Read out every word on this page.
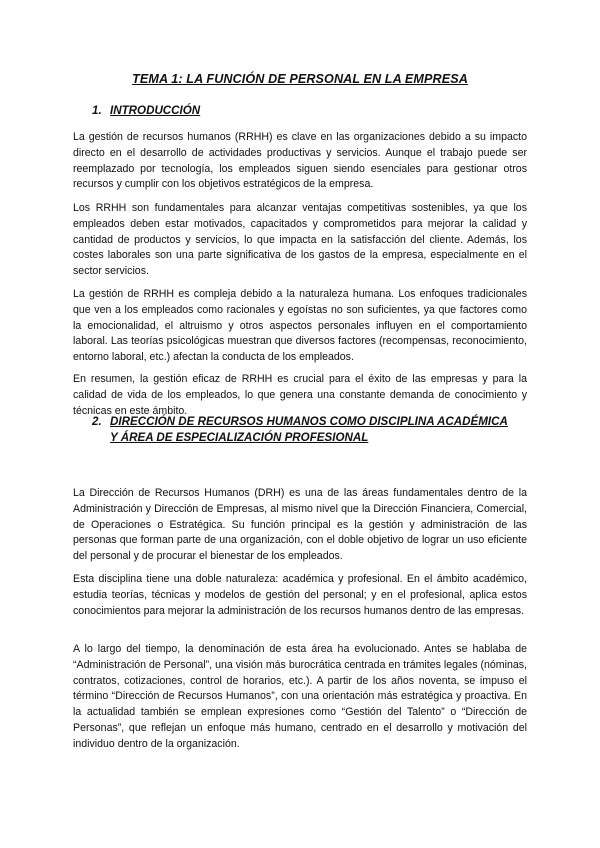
TEMA 1: LA FUNCIÓN DE PERSONAL EN LA EMPRESA
1. INTRODUCCIÓN

La gestión de recursos humanos (RRHH) es clave en las organizaciones debido a su impacto directo en el desarrollo de actividades productivas y servicios. Aunque el trabajo puede ser reemplazado por tecnología, los empleados siguen siendo esenciales para gestionar otros recursos y cumplir con los objetivos estratégicos de la empresa.

Los RRHH son fundamentales para alcanzar ventajas competitivas sostenibles, ya que los empleados deben estar motivados, capacitados y comprometidos para mejorar la calidad y cantidad de productos y servicios, lo que impacta en la satisfacción del cliente. Además, los costes laborales son una parte significativa de los gastos de la empresa, especialmente en el sector servicios.

La gestión de RRHH es compleja debido a la naturaleza humana. Los enfoques tradicionales que ven a los empleados como racionales y egoístas no son suficientes, ya que factores como la emocionalidad, el altruismo y otros aspectos personales influyen en el comportamiento laboral. Las teorías psicológicas muestran que diversos factores (recompensas, reconocimiento, entorno laboral, etc.) afectan la conducta de los empleados.

En resumen, la gestión eficaz de RRHH es crucial para el éxito de las empresas y para la calidad de vida de los empleados, lo que genera una constante demanda de conocimiento y técnicas en este ámbito.

2. DIRECCIÓN DE RECURSOS HUMANOS COMO DISCIPLINA ACADÉMICA
Y ÁREA DE ESPECIALIZACIÓN PROFESIONAL

La Dirección de Recursos Humanos (DRH) es una de las áreas fundamentales dentro de la Administración y Dirección de Empresas, al mismo nivel que la Dirección Financiera, Comercial, de Operaciones o Estratégica. Su función principal es la gestión y administración de las personas que forman parte de una organización, con el doble objetivo de lograr un uso eficiente del personal y de procurar el bienestar de los empleados.

Esta disciplina tiene una doble naturaleza: académica y profesional. En el ámbito académico, estudia teorías, técnicas y modelos de gestión del personal; y en el profesional, aplica estos conocimientos para mejorar la administración de los recursos humanos dentro de las empresas.

A lo largo del tiempo, la denominación de esta área ha evolucionado. Antes se hablaba de “Administración de Personal”, una visión más burocrática centrada en trámites legales (nóminas, contratos, cotizaciones, control de horarios, etc.). A partir de los años noventa, se impuso el término “Dirección de Recursos Humanos”, con una orientación más estratégica y proactiva. En la actualidad también se emplean expresiones como “Gestión del Talento” o “Dirección de Personas”, que reflejan un enfoque más humano, centrado en el desarrollo y motivación del individuo dentro de la organización.
